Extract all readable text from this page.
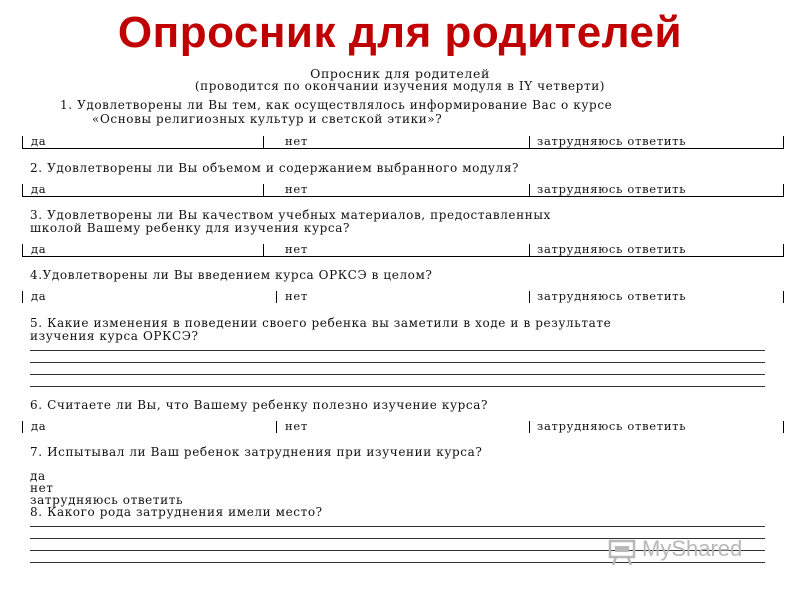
Опросник для родителей
Опросник для родителей
(проводится по окончании изучения модуля в IY четверти)
1. Удовлетворены ли Вы тем, как осуществлялось информирование Вас о курсе
«Основы религиозных культур и светской этики»?
да	нет	затрудняюсь ответить
2. Удовлетворены ли Вы объемом и содержанием выбранного модуля?
да	нет	затрудняюсь ответить
3. Удовлетворены ли Вы качеством учебных материалов, предоставленных
школой Вашему ребенку для изучения курса?
да	нет	затрудняюсь ответить
4.Удовлетворены ли Вы введением курса ОРКСЭ в целом?
да	нет	затрудняюсь ответить
5. Какие изменения в поведении своего ребенка вы заметили в ходе и в результате
изучения курса ОРКСЭ?
6. Считаете ли Вы, что Вашему ребенку полезно изучение курса?
да	нет	затрудняюсь ответить
7. Испытывал ли Ваш ребенок затруднения при изучении курса?
да
нет
затрудняюсь ответить
8. Какого рода затруднения имели место?
MyShared
